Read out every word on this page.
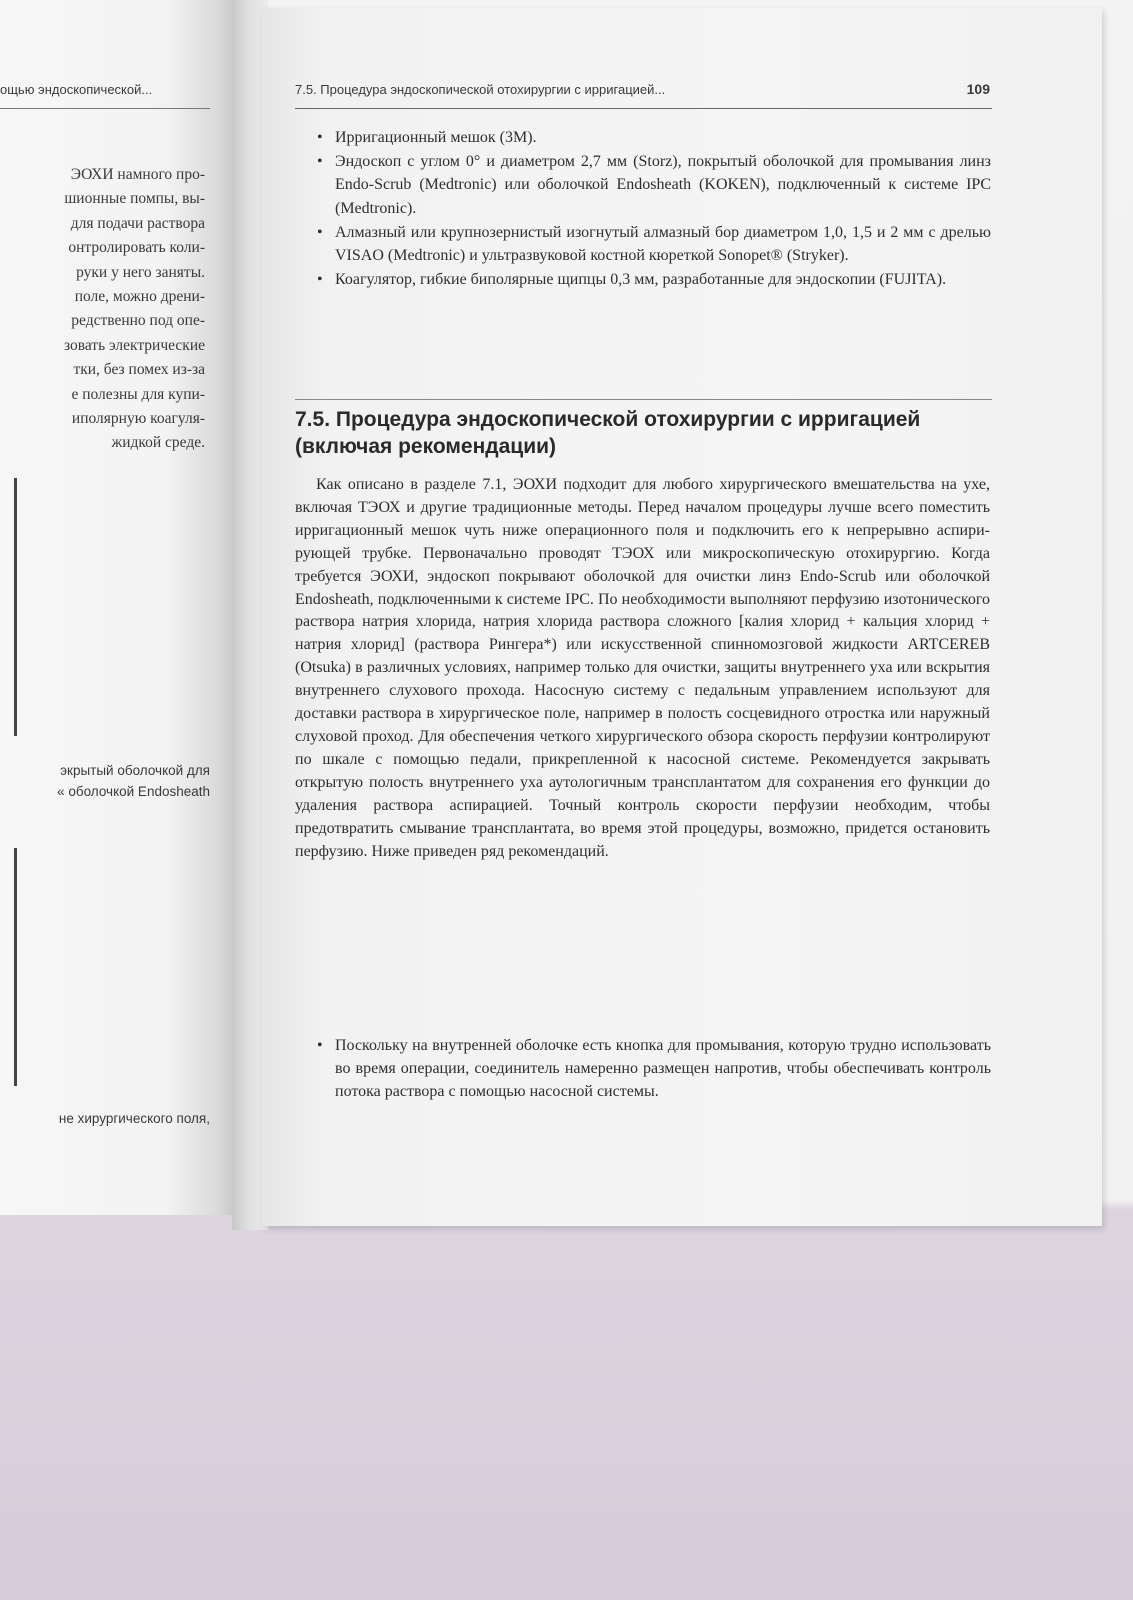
ощью эндоскопической...
ЭОХИ намного про-
шионные помпы, вы-
для подачи раствора
онтролировать коли-
руки у него заняты.
поле, можно дрени-
редственно под опе-
зовать электрические
тки, без помех из-за
е полезны для купи-
иполярную коагуля-
жидкой среде.
экрытый оболочкой для
« оболочкой Endosheath
не хирургического поля,
7.5. Процедура эндоскопической отохирургии с ирригацией...	109
• Ирригационный мешок (3М).
• Эндоскоп с углом 0° и диаметром 2,7 мм (Storz), покрытый оболочкой для промывания линз Endo-Scrub (Medtronic) или оболочкой Endosheath (KOKEN), подключенный к системе IPC (Medtronic).
• Алмазный или крупнозернистый изогнутый алмазный бор диаметром 1,0, 1,5 и 2 мм с дрелью VISAO (Medtronic) и ультразвуковой костной кюреткой Sonopet® (Stryker).
• Коагулятор, гибкие биполярные щипцы 0,3 мм, разработанные для эндоскопии (FUJITA).
7.5. Процедура эндоскопической отохирургии с ирригацией (включая рекомендации)

Как описано в разделе 7.1, ЭОХИ подходит для любого хирургического вмешательства на ухе, включая ТЭОХ и другие традиционные методы. Перед началом процедуры лучше всего поместить ирригационный мешок чуть ниже операционного поля и подключить его к непрерывно аспирирующей трубке. Первоначально проводят ТЭОХ или микроскопическую отохирургию. Когда требуется ЭОХИ, эндоскоп покрывают оболочкой для очистки линз Endo-Scrub или оболочкой Endosheath, подключенными к системе IPC. По необходимости выполняют перфузию изотонического раствора натрия хлорида, натрия хлорида раствора сложного [калия хлорид + кальция хлорид + натрия хлорид] (раствора Рингера*) или искусственной спинномозговой жидкости ARTCEREB (Otsuka) в различных условиях, например только для очистки, защиты внутреннего уха или вскрытия внутреннего слухового прохода. Насосную систему с педальным управлением используют для доставки раствора в хирургическое поле, например в полость сосцевидного отростка или наружный слуховой проход. Для обеспечения четкого хирургического обзора скорость перфузии контролируют по шкале с помощью педали, прикрепленной к насосной системе. Рекомендуется закрывать открытую полость внутреннего уха аутологичным трансплантатом для сохранения его функции до удаления раствора аспирацией. Точный контроль скорости перфузии необходим, чтобы предотвратить смывание трансплантата, во время этой процедуры, возможно, придется остановить перфузию. Ниже приведен ряд рекомендаций.

• Поскольку на внутренней оболочке есть кнопка для промывания, которую трудно использовать во время операции, соединитель намеренно размещен напротив, чтобы обеспечивать контроль потока раствора с помощью насосной системы.
